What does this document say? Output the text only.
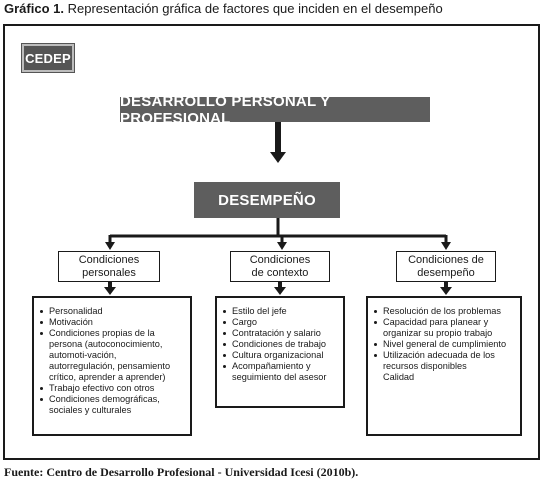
Gráfico 1. Representación gráfica de factores que inciden en el desempeño
CEDEP
DESARROLLO PERSONAL Y PROFESIONAL
DESEMPEÑO
Condiciones
personales
Condiciones
de contexto
Condiciones de
desempeño
Personalidad
Motivación
Condiciones propias de la persona (autoconocimiento, automoti-vación, autorregulación, pensamiento crítico, aprender a aprender)
Trabajo efectivo con otros
Condiciones demográficas, sociales y culturales
Estilo del jefe
Cargo
Contratación y salario
Condiciones de trabajo
Cultura organizacional
Acompañamiento y seguimiento del asesor
Resolución de los problemas
Capacidad para planear y organizar su propio trabajo
Nivel general de cumplimiento
Utilización adecuada de los recursos disponibles
Calidad
Fuente: Centro de Desarrollo Profesional - Universidad Icesi (2010b).
